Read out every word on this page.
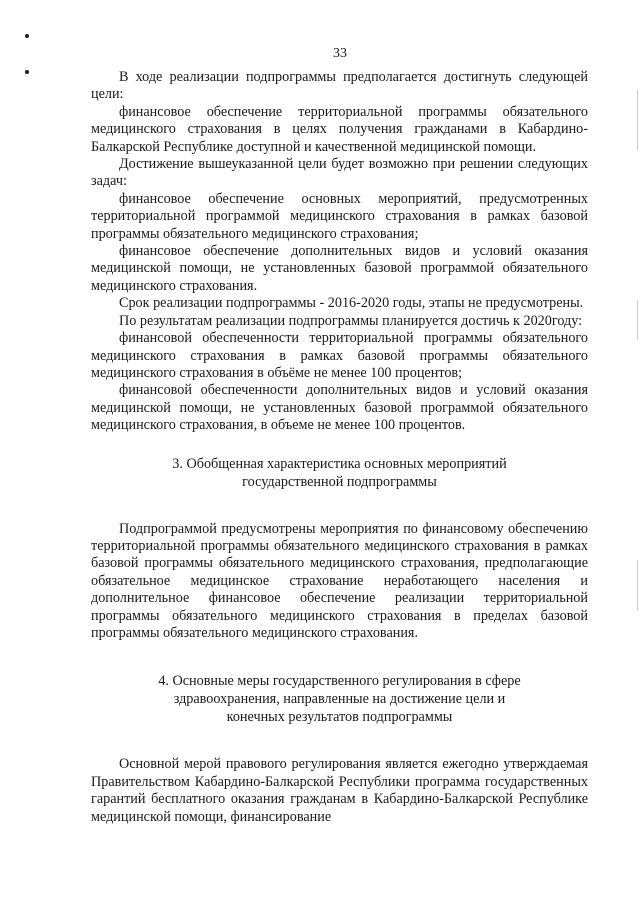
33

В ходе реализации подпрограммы предполагается достигнуть следующей цели:

финансовое обеспечение территориальной программы обязательного медицинского страхования в целях получения гражданами в Кабардино-Балкарской Республике доступной и качественной медицинской помощи.

Достижение вышеуказанной цели будет возможно при решении следующих задач:

финансовое обеспечение основных мероприятий, предусмотренных территориальной программой медицинского страхования в рамках базовой программы обязательного медицинского страхования;

финансовое обеспечение дополнительных видов и условий оказания медицинской помощи, не установленных базовой программой обязательного медицинского страхования.

Срок реализации подпрограммы - 2016-2020 годы, этапы не предусмотрены.

По результатам реализации подпрограммы планируется достичь к 2020году:

финансовой обеспеченности территориальной программы обязательного медицинского страхования в рамках базовой программы обязательного медицинского страхования в объёме не менее 100 процентов;

финансовой обеспеченности дополнительных видов и условий оказания медицинской помощи, не установленных базовой программой обязательного медицинского страхования, в объеме не менее 100 процентов.

3. Обобщенная характеристика основных мероприятий
государственной подпрограммы

Подпрограммой предусмотрены мероприятия по финансовому обеспечению территориальной программы обязательного медицинского страхования в рамках базовой программы обязательного медицинского страхования, предполагающие обязательное медицинское страхование неработающего населения и дополнительное финансовое обеспечение реализации территориальной программы обязательного медицинского страхования в пределах базовой программы обязательного медицинского страхования.

4. Основные меры государственного регулирования в сфере
здравоохранения, направленные на достижение цели и
конечных результатов подпрограммы

Основной мерой правового регулирования является ежегодно утверждаемая Правительством Кабардино-Балкарской Республики программа государственных гарантий бесплатного оказания гражданам в Кабардино-Балкарской Республике медицинской помощи, финансирование
